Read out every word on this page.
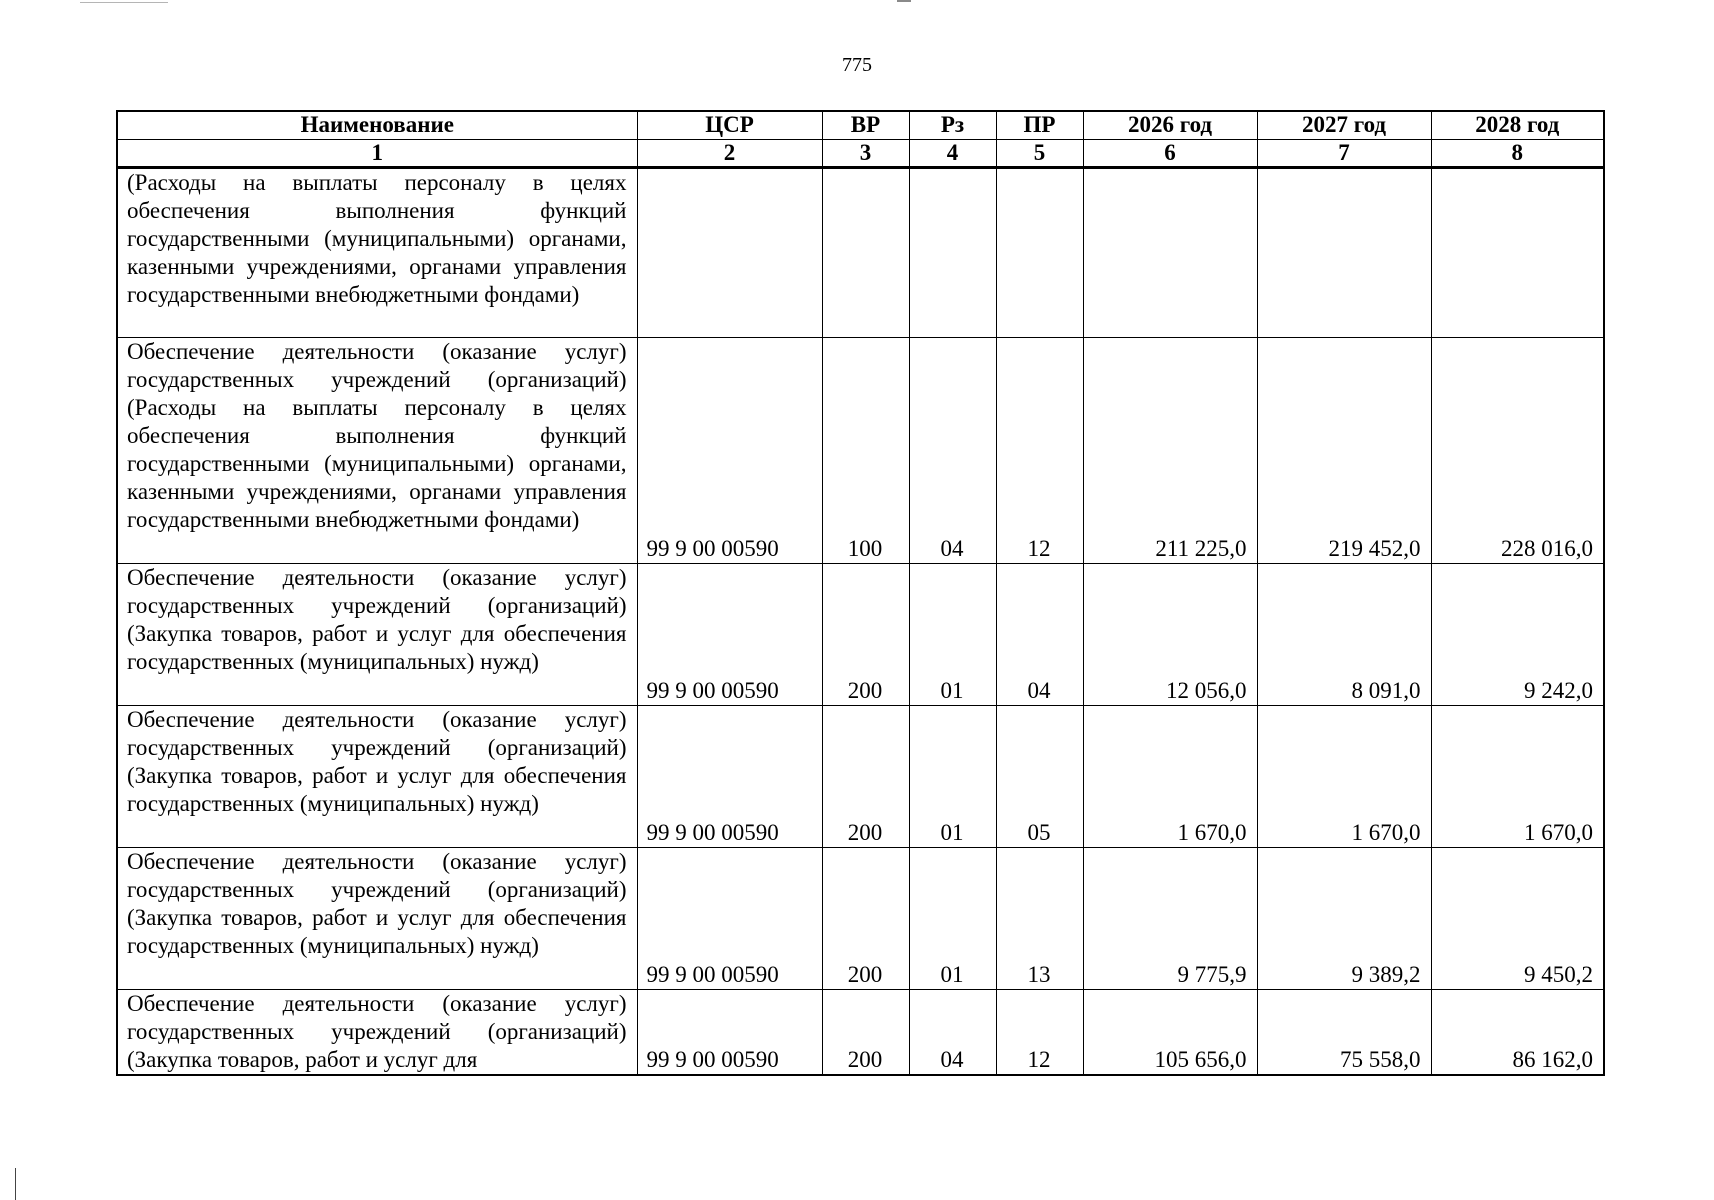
775
Наименование	ЦСР	ВР	Рз	ПР	2026 год	2027 год	2028 год
1	2	3	4	5	6	7	8
(Расходы на выплаты персоналу в целях обеспечения выполнения функций государственными (муниципальными) органами, казенными учреждениями, органами управления государственными внебюджетными фондами)							
Обеспечение деятельности (оказание услуг) государственных учреждений (организаций) (Расходы на выплаты персоналу в целях обеспечения выполнения функций государственными (муниципальными) органами, казенными учреждениями, органами управления государственными внебюджетными фондами)	99 9 00 00590	100	04	12	211 225,0	219 452,0	228 016,0
Обеспечение деятельности (оказание услуг) государственных учреждений (организаций) (Закупка товаров, работ и услуг для обеспечения государственных (муниципальных) нужд)	99 9 00 00590	200	01	04	12 056,0	8 091,0	9 242,0
Обеспечение деятельности (оказание услуг) государственных учреждений (организаций) (Закупка товаров, работ и услуг для обеспечения государственных (муниципальных) нужд)	99 9 00 00590	200	01	05	1 670,0	1 670,0	1 670,0
Обеспечение деятельности (оказание услуг) государственных учреждений (организаций) (Закупка товаров, работ и услуг для обеспечения государственных (муниципальных) нужд)	99 9 00 00590	200	01	13	9 775,9	9 389,2	9 450,2
Обеспечение деятельности (оказание услуг) государственных учреждений (организаций) (Закупка товаров, работ и услуг для	99 9 00 00590	200	04	12	105 656,0	75 558,0	86 162,0
